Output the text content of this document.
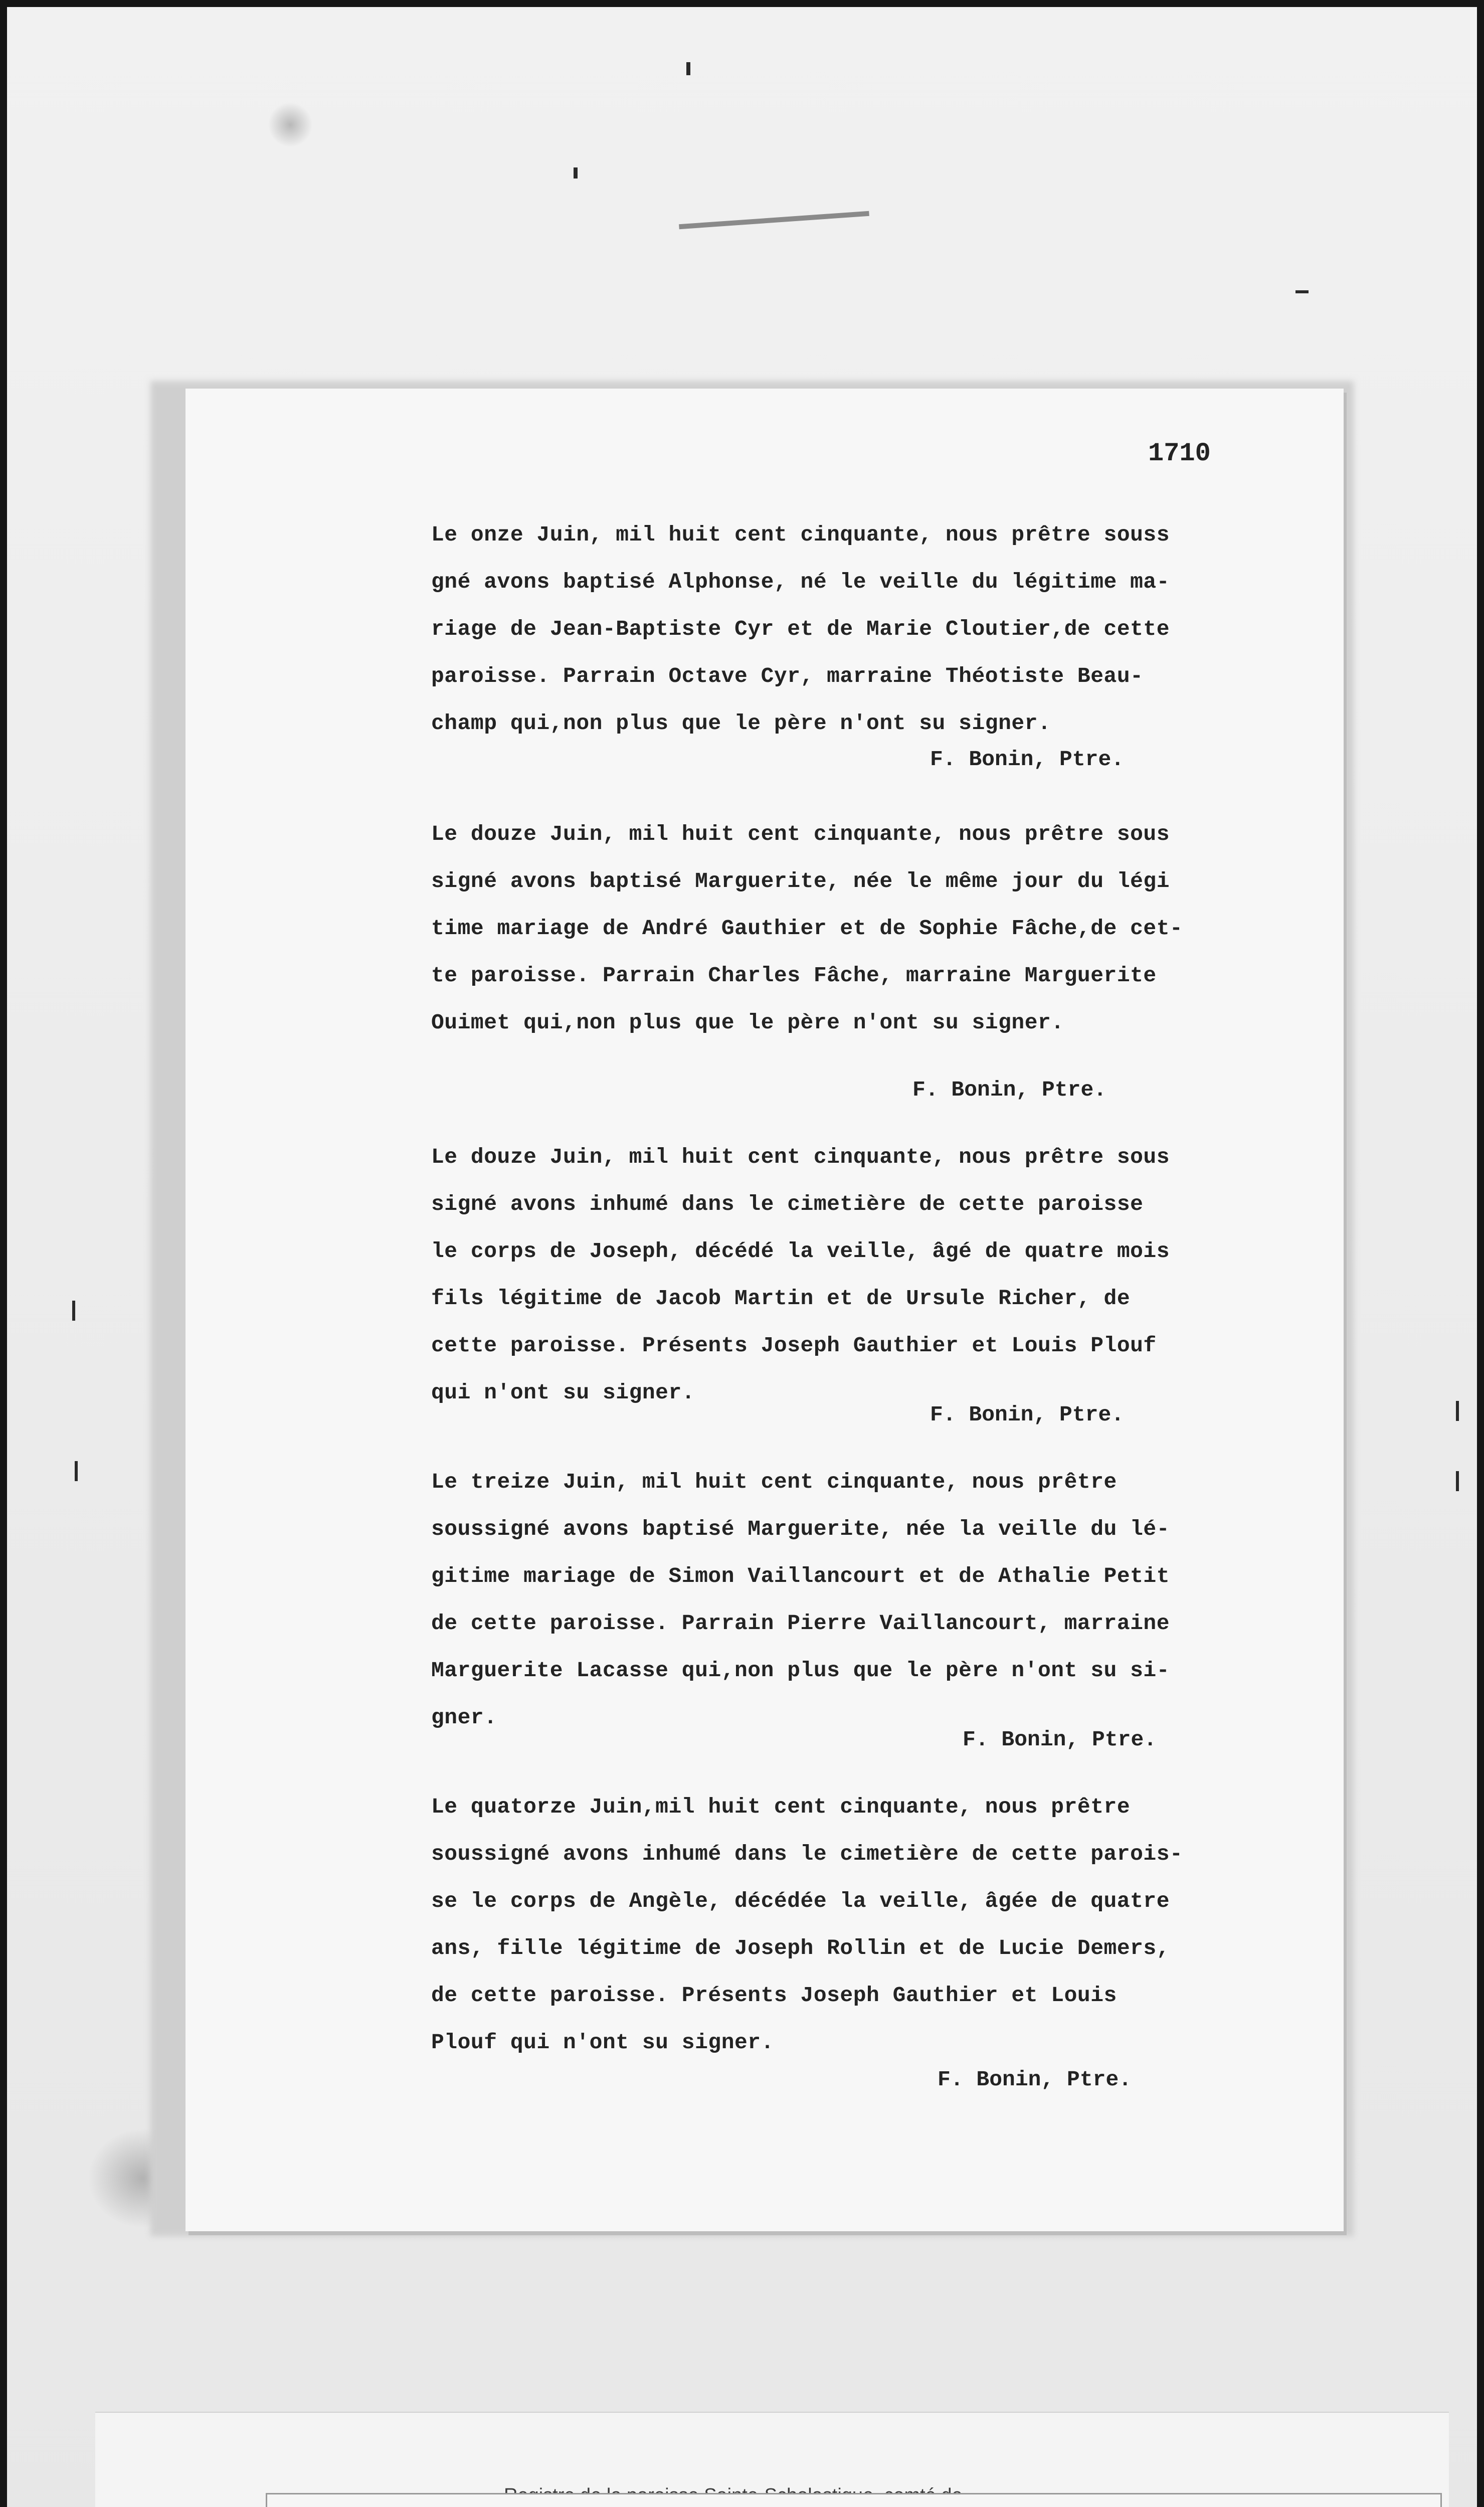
1710
Le onze Juin, mil huit cent cinquante, nous prêtre souss
gné avons baptisé Alphonse, né le veille du légitime ma-
riage de Jean-Baptiste Cyr et de Marie Cloutier,de cette
paroisse. Parrain Octave Cyr, marraine Théotiste Beau-
champ qui,non plus que le père n'ont su signer.
F. Bonin, Ptre.
Le douze Juin, mil huit cent cinquante, nous prêtre sous
signé avons baptisé Marguerite, née le même jour du légi
time mariage de André Gauthier et de Sophie Fâche,de cet-
te paroisse. Parrain Charles Fâche, marraine Marguerite
Ouimet qui,non plus que le père n'ont su signer.
F. Bonin, Ptre.
Le douze Juin, mil huit cent cinquante, nous prêtre sous
signé avons inhumé dans le cimetière de cette paroisse
le corps de Joseph, décédé la veille, âgé de quatre mois
fils légitime de Jacob Martin et de Ursule Richer, de
cette paroisse. Présents Joseph Gauthier et Louis Plouf
qui n'ont su signer.
F. Bonin, Ptre.
Le treize Juin, mil huit cent cinquante, nous prêtre
soussigné avons baptisé Marguerite, née la veille du lé-
gitime mariage de Simon Vaillancourt et de Athalie Petit
de cette paroisse. Parrain Pierre Vaillancourt, marraine
Marguerite Lacasse qui,non plus que le père n'ont su si-
gner.
F. Bonin, Ptre.
Le quatorze Juin,mil huit cent cinquante, nous prêtre
soussigné avons inhumé dans le cimetière de cette parois-
se le corps de Angèle, décédée la veille, âgée de quatre
ans, fille légitime de Joseph Rollin et de Lucie Demers,
de cette paroisse. Présents Joseph Gauthier et Louis
Plouf qui n'ont su signer.
F. Bonin, Ptre.
